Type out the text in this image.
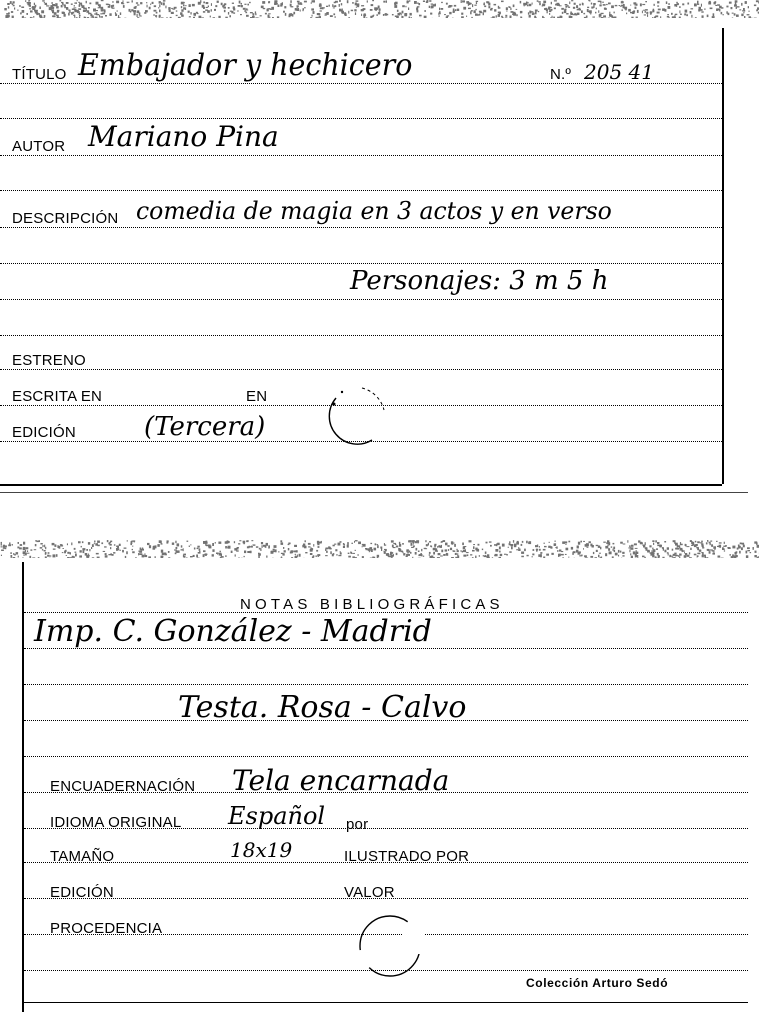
TÍTULO Embajador y hechicero	N.º 205 41
AUTOR Mariano Pina
DESCRIPCIÓN comedia de magia en 3 actos y en verso
Personajes: 3 m 5 h
ESTRENO
ESCRITA EN	EN
EDICIÓN	(Tercera)
NOTAS BIBLIOGRÁFICAS
Imp. C. González - Madrid
Testa. Rosa - Calvo
ENCUADERNACIÓN Tela encarnada
IDIOMA ORIGINAL Español por
TAMAÑO	18x19	ILUSTRADO POR
EDICIÓN	VALOR
PROCEDENCIA
Colección Arturo Sedó
